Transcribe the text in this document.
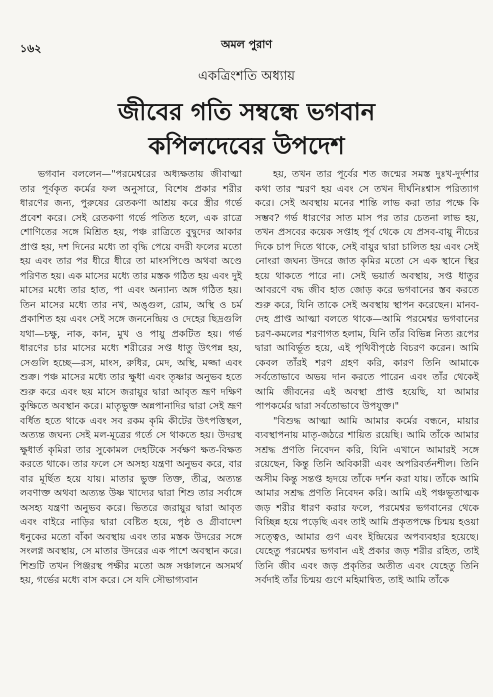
১৬২	অমল পুরাণ
একত্রিংশতি অধ্যায়
জীবের গতি সম্বন্ধে ভগবান
কপিলদেবের উপদেশ

ভগবান বললেন—"পরমেশ্বরের অধ্যক্ষতায় জীবাত্মা তার পূর্বকৃত কর্মের ফল অনুসারে, বিশেষ প্রকার শরীর ধারণের জন্য, পুরুষের রেতকণা আশ্রয় করে স্ত্রীর গর্ভে প্রবেশ করে। সেই রেতকণা গর্ভে পতিত হলে, এক রাত্রে শোণিতের সঙ্গে মিশ্রিত হয়, পঞ্চ রাত্রিতে বুদ্বুদের আকার প্রাপ্ত হয়, দশ দিনের মধ্যে তা বৃদ্ধি পেয়ে বদরী ফলের মতো হয় এবং তার পর ধীরে ধীরে তা মাংসপিণ্ডে অথবা অণ্ডে পরিণত হয়। এক মাসের মধ্যে তার মস্তক গঠিত হয় এবং দুই মাসের মধ্যে তার হাত, পা এবং অন্যান্য অঙ্গ গঠিত হয়। তিন মাসের মধ্যে তার নখ, অঙ্গুল, রোম, অস্থি ও চর্ম প্রকাশিত হয় এবং সেই সঙ্গে জননেন্দ্রিয় ও দেহের ছিদ্রগুলি যথা—চক্ষু, নাক, কান, মুখ ও পায়ু প্রকটিত হয়। গর্ভ ধারণের চার মাসের মধ্যে শরীরের সপ্ত ধাতু উৎপন্ন হয়, সেগুলি হচ্ছে—রস, মাংস, রুধির, মেদ, অস্থি, মজ্জা এবং শুক্র। পঞ্চ মাসের মধ্যে তার ক্ষুধা এবং তৃষ্ণার অনুভব হতে শুরু করে এবং ছয় মাসে জরায়ুর দ্বারা আবৃত ভ্রূণ দক্ষিণ কুক্ষিতে অবস্থান করে। মাতৃভুক্ত অন্নপানাদির দ্বারা সেই ভ্রূণ বর্ধিত হতে থাকে এবং সব রকম কৃমি কীটের উৎপত্তিস্থল, অত্যন্ত জঘন্য সেই মল-মূত্রের গর্তে সে থাকতে হয়। উদরস্থ ক্ষুধার্ত কৃমিরা তার সুকোমল দেহটিকে সর্বক্ষণ ক্ষত-বিক্ষত করতে থাকে। তার ফলে সে অসহ্য যন্ত্রণা অনুভব করে, বার বার মূর্ছিত হয়ে যায়। মাতার ভুক্ত তিক্ত, তীব্র, অত্যন্ত লবণাক্ত অথবা অত্যন্ত উষ্ণ খাদ্যের দ্বারা শিশু তার সর্বাঙ্গে অসহ্য যন্ত্রণা অনুভব করে। ভিতরে জরায়ুর দ্বারা আবৃত এবং বাইরে নাড়ির দ্বারা বেষ্টিত হয়ে, পৃষ্ঠ ও গ্রীবাদেশ ধনুকের মতো বাঁকা অবস্থায় এবং তার মস্তক উদরের সঙ্গে সংলগ্ন অবস্থায়, সে মাতার উদরের এক পাশে অবস্থান করে। শিশুটি তখন পিঞ্জরস্থ পক্ষীর মতো অঙ্গ সঞ্চালনে অসমর্থ হয়, গর্ভের মধ্যে বাস করে। সে যদি সৌভাগ্যবান

হয়, তখন তার পূর্বের শত জন্মের সমস্ত দুঃখ-দুর্দশার কথা তার স্মরণ হয় এবং সে তখন দীর্ঘনিঃশ্বাস পরিত্যাগ করে। সেই অবস্থায় মনের শান্তি লাভ করা তার পক্ষে কি সম্ভব? গর্ভ ধারণের সাত মাস পর তার চেতনা লাভ হয়, তখন প্রসবের কয়েক সপ্তাহ পূর্ব থেকে যে প্রসব-বায়ু নীচের দিকে চাপ দিতে থাকে, সেই বায়ুর দ্বারা চালিত হয় এবং সেই নোংরা জঘন্য উদরে জাত কৃমির মতো সে এক স্থানে স্থির হয়ে থাকতে পারে না। সেই ভয়ার্ত অবস্থায়, সপ্ত ধাতুর আবরণে বদ্ধ জীব হাত জোড় করে ভগবানের স্তব করতে শুরু করে, যিনি তাকে সেই অবস্থায় স্থাপন করেছেন। মানব-দেহ প্রাপ্ত আত্মা বলতে থাকে—আমি পরমেশ্বর ভগবানের চরণ-কমলের শরণাগত হলাম, যিনি তাঁর বিভিন্ন নিত্য রূপের দ্বারা আবির্ভূত হয়ে, এই পৃথিবীপৃষ্ঠে বিচরণ করেন। আমি কেবল তাঁরই শরণ গ্রহণ করি, কারণ তিনি আমাকে সর্বতোভাবে অভয় দান করতে পারেন এবং তাঁর থেকেই আমি জীবনের এই অবস্থা প্রাপ্ত হয়েছি, যা আমার পাপকর্মের দ্বারা সর্বতোভাবে উপযুক্ত।"

"বিশুদ্ধ আত্মা আমি আমার কর্মের বন্ধনে, মায়ার ব্যবস্থাপনায় মাতৃ-জঠরে শায়িত রয়েছি। আমি তাঁকে আমার সশ্রদ্ধ প্রণতি নিবেদন করি, যিনি এখানে আমারই সঙ্গে রয়েছেন, কিন্তু তিনি অবিকারী এবং অপরিবর্তনশীল। তিনি অসীম কিন্তু সন্তপ্ত হৃদয়ে তাঁকে দর্শন করা যায়। তাঁকে আমি আমার সশ্রদ্ধ প্রণতি নিবেদন করি। আমি এই পঞ্চভূতাত্মক জড় শরীর ধারণ করার ফলে, পরমেশ্বর ভগবানের থেকে বিচ্ছিন্ন হয়ে পড়েছি এবং তাই আমি প্রকৃতপক্ষে চিন্ময় হওয়া সত্ত্বেও, আমার গুণ এবং ইন্দ্রিয়ের অপব্যবহার হয়েছে। যেহেতু পরমেশ্বর ভগবান এই প্রকার জড় শরীর রহিত, তাই তিনি জীব এবং জড় প্রকৃতির অতীত এবং যেহেতু তিনি সর্বদাই তাঁর চিন্ময় গুণে মহিমান্বিত, তাই আমি তাঁকে
